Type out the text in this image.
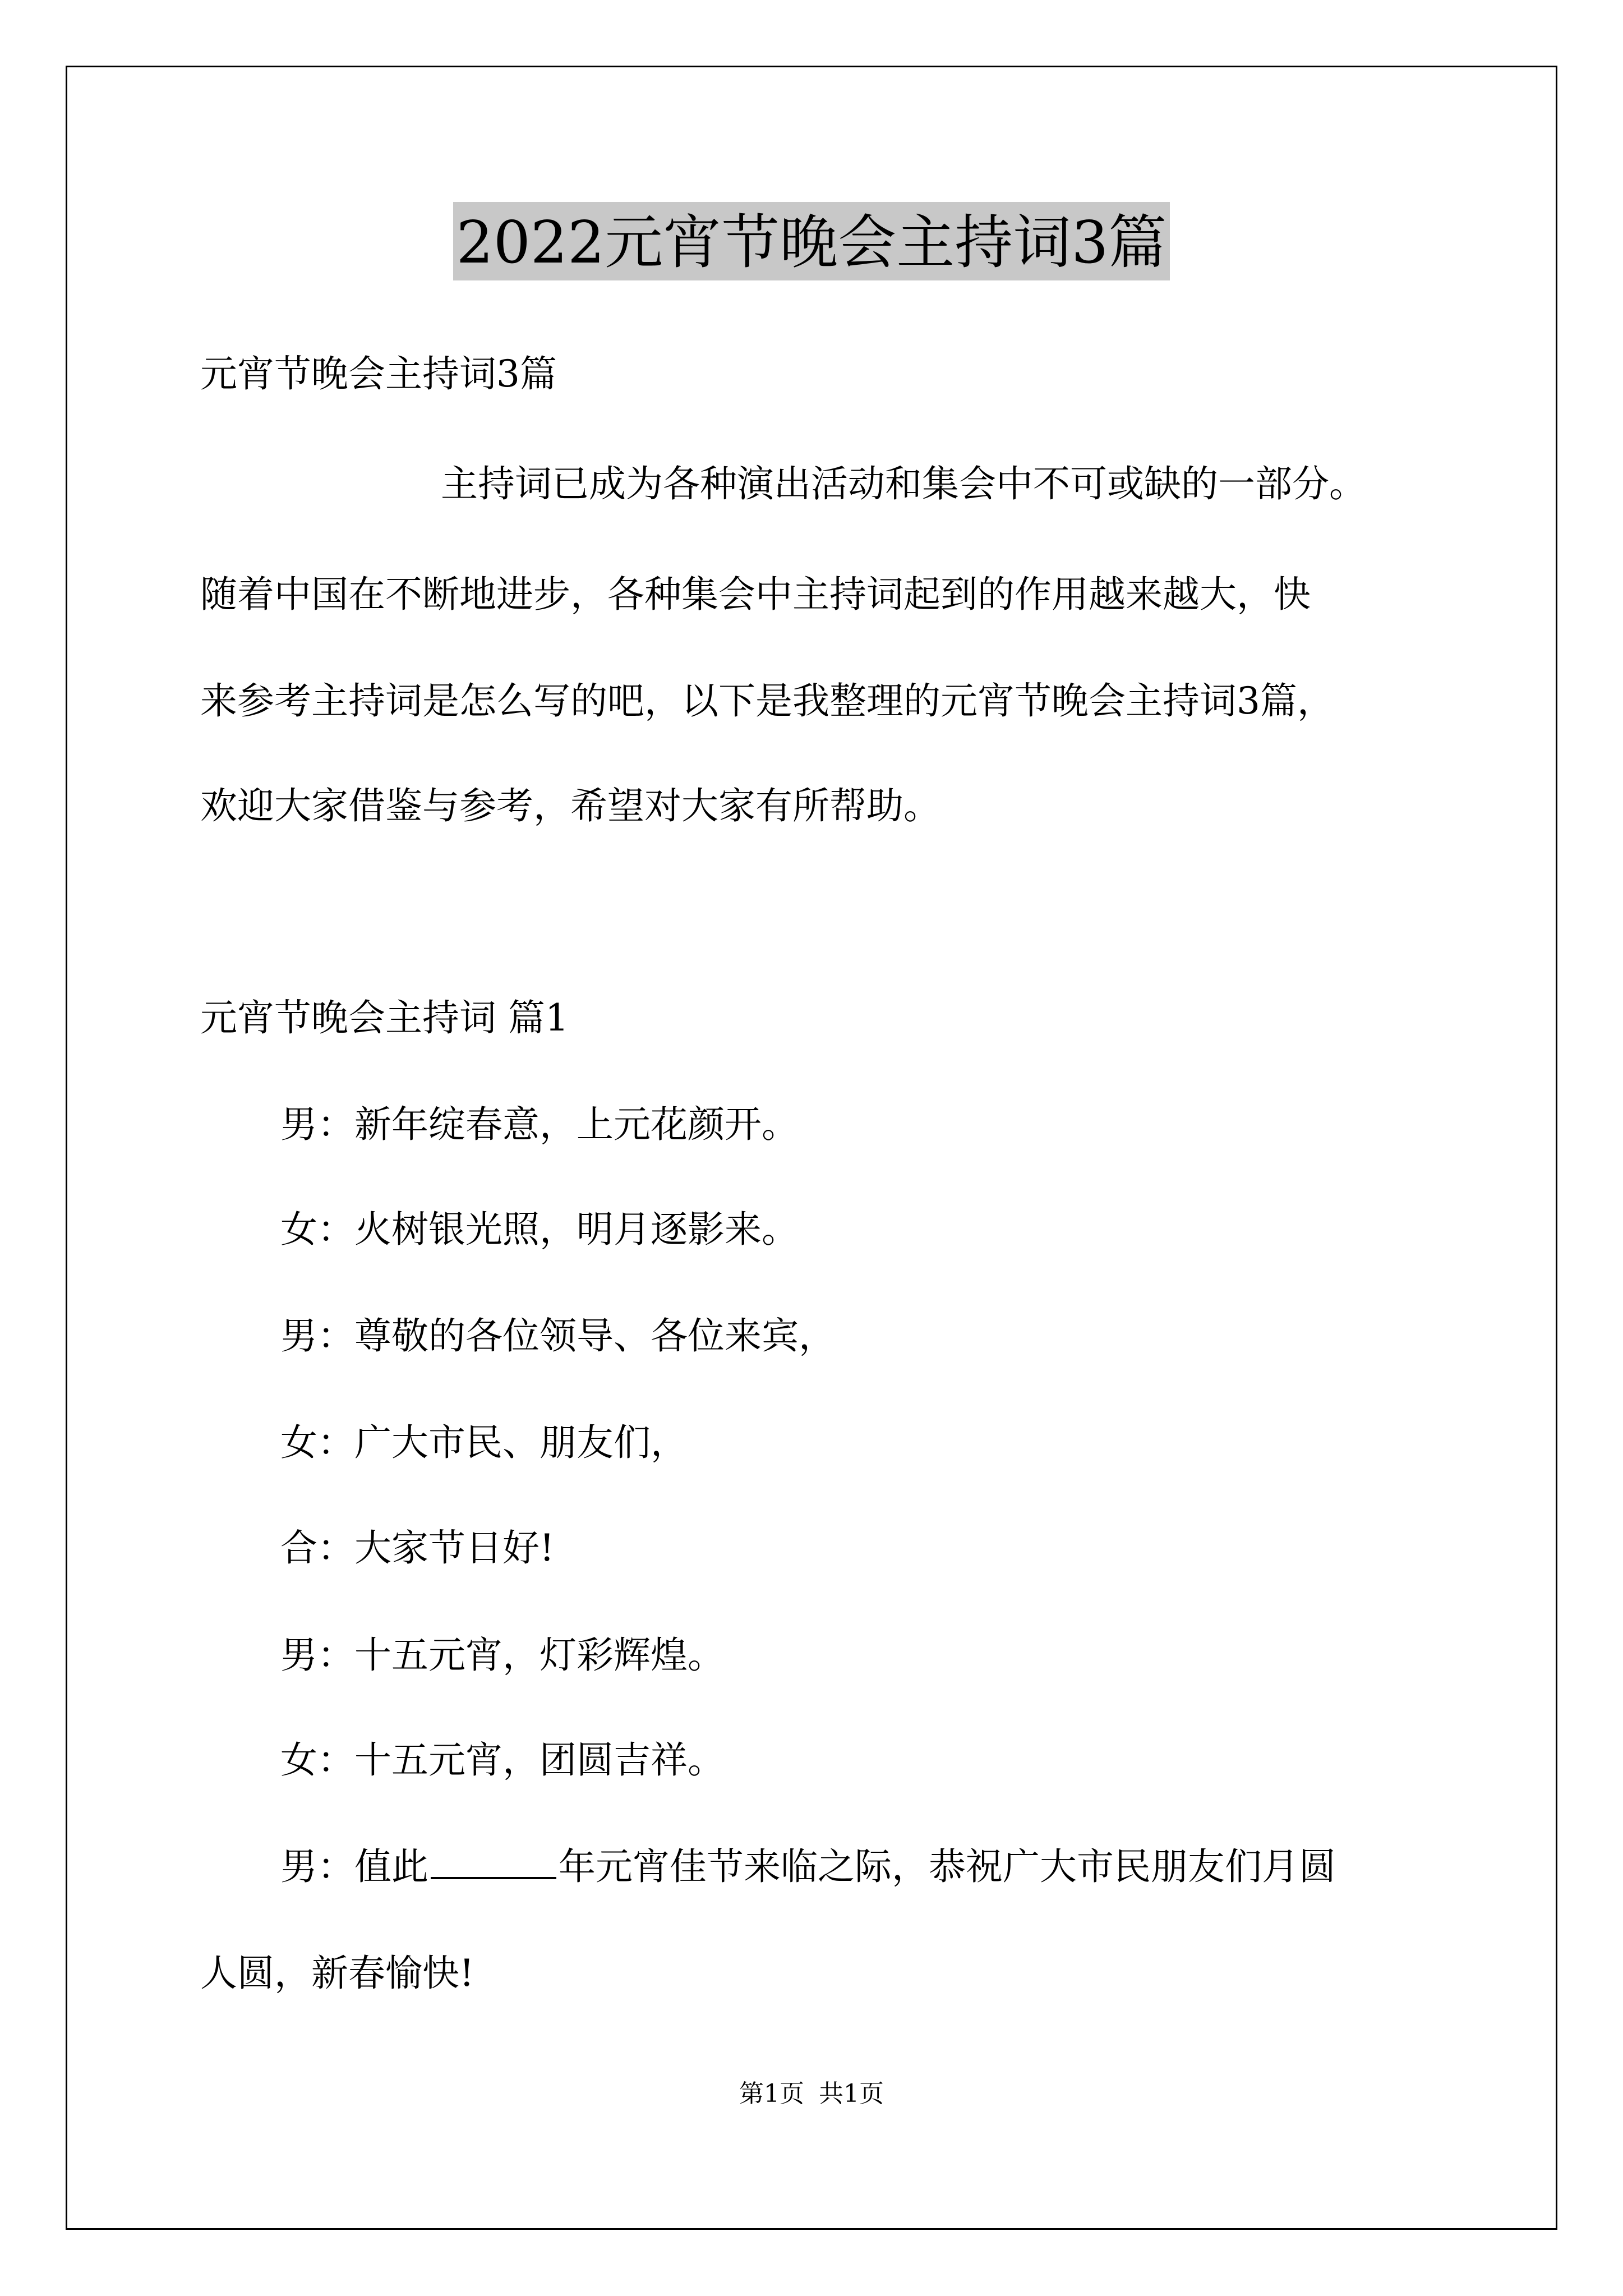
2022元宵节晚会主持词3篇
元宵节晚会主持词3篇
主持词已成为各种演出活动和集会中不可或缺的一部分。
随着中国在不断地进步，各种集会中主持词起到的作用越来越大，快
来参考主持词是怎么写的吧，以下是我整理的元宵节晚会主持词3篇，
欢迎大家借鉴与参考，希望对大家有所帮助。
元宵节晚会主持词 篇1
男：新年绽春意，上元花颜开。
女：火树银光照，明月逐影来。
男：尊敬的各位领导、各位来宾，
女：广大市民、朋友们，
合：大家节日好!
男：十五元宵，灯彩辉煌。
女：十五元宵，团圆吉祥。
男：值此	年元宵佳节来临之际，恭祝广大市民朋友们月圆
人圆，新春愉快!
第1页 共1页
